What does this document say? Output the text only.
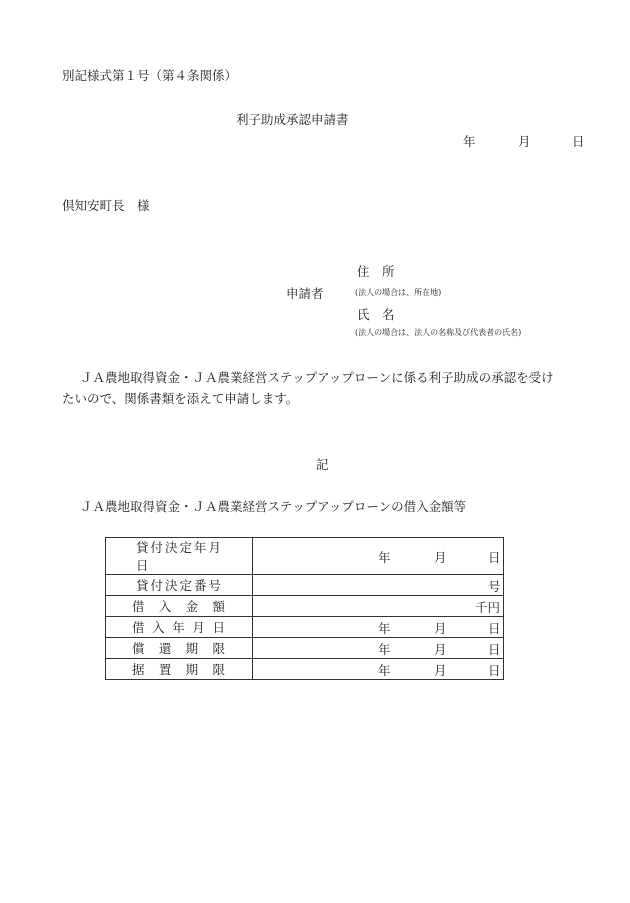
別記様式第１号（第４条関係）
利子助成承認申請書
年	月	日
倶知安町長　様
住　所
申請者	(法人の場合は、所在地)
氏　名
(法人の場合は、法人の名称及び代表者の氏名)
ＪＡ農地取得資金・ＪＡ農業経営ステップアップローンに係る利子助成の承認を受け
たいので、関係書類を添えて申請します。
記
ＪＡ農地取得資金・ＪＡ農業経営ステップアップローンの借入金額等
貸付決定年月日	年 月 日

貸付決定番号	号

借 入 金 額	千円

借 入 年 月 日	年 月 日

償 還 期 限	年 月 日

据 置 期 限	年 月 日
